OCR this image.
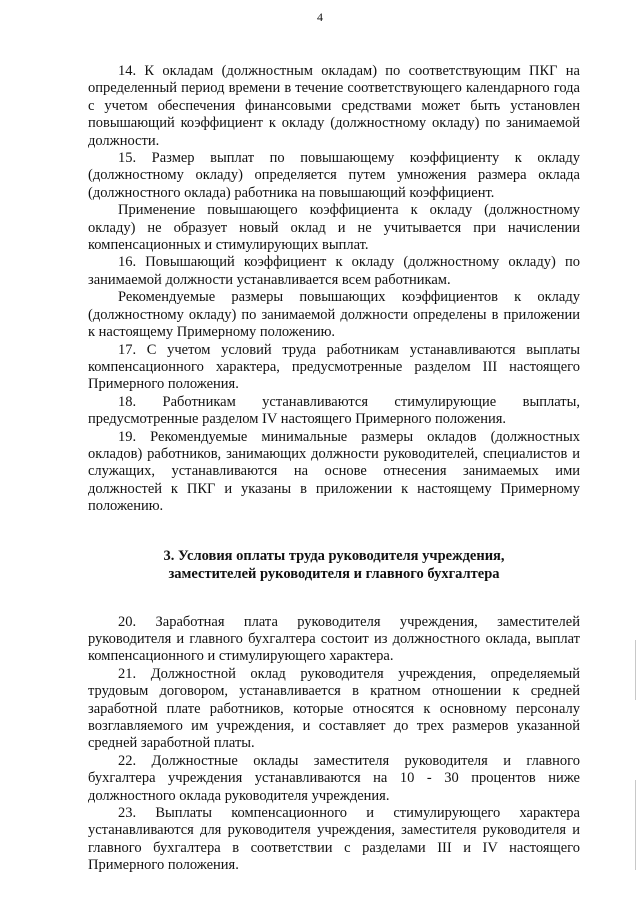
4

14. К окладам (должностным окладам) по соответствующим ПКГ на определенный период времени в течение соответствующего календарного года с учетом обеспечения финансовыми средствами может быть установлен повышающий коэффициент к окладу (должностному окладу) по занимаемой должности.

15. Размер выплат по повышающему коэффициенту к окладу (должностному окладу) определяется путем умножения размера оклада (должностного оклада) работника на повышающий коэффициент.

Применение повышающего коэффициента к окладу (должностному окладу) не образует новый оклад и не учитывается при начислении компенсационных и стимулирующих выплат.

16. Повышающий коэффициент к окладу (должностному окладу) по занимаемой должности устанавливается всем работникам.

Рекомендуемые размеры повышающих коэффициентов к окладу (должностному окладу) по занимаемой должности определены в приложении к настоящему Примерному положению.

17. С учетом условий труда работникам устанавливаются выплаты компенсационного характера, предусмотренные разделом III настоящего Примерного положения.

18. Работникам устанавливаются стимулирующие выплаты, предусмотренные разделом IV настоящего Примерного положения.

19. Рекомендуемые минимальные размеры окладов (должностных окладов) работников, занимающих должности руководителей, специалистов и служащих, устанавливаются на основе отнесения занимаемых ими должностей к ПКГ и указаны в приложении к настоящему Примерному положению.

3. Условия оплаты труда руководителя учреждения,
заместителей руководителя и главного бухгалтера

20. Заработная плата руководителя учреждения, заместителей руководителя и главного бухгалтера состоит из должностного оклада, выплат компенсационного и стимулирующего характера.

21. Должностной оклад руководителя учреждения, определяемый трудовым договором, устанавливается в кратном отношении к средней заработной плате работников, которые относятся к основному персоналу возглавляемого им учреждения, и составляет до трех размеров указанной средней заработной платы.

22. Должностные оклады заместителя руководителя и главного бухгалтера учреждения устанавливаются на 10 - 30 процентов ниже должностного оклада руководителя учреждения.

23. Выплаты компенсационного и стимулирующего характера устанавливаются для руководителя учреждения, заместителя руководителя и главного бухгалтера в соответствии с разделами III и IV настоящего Примерного положения.
